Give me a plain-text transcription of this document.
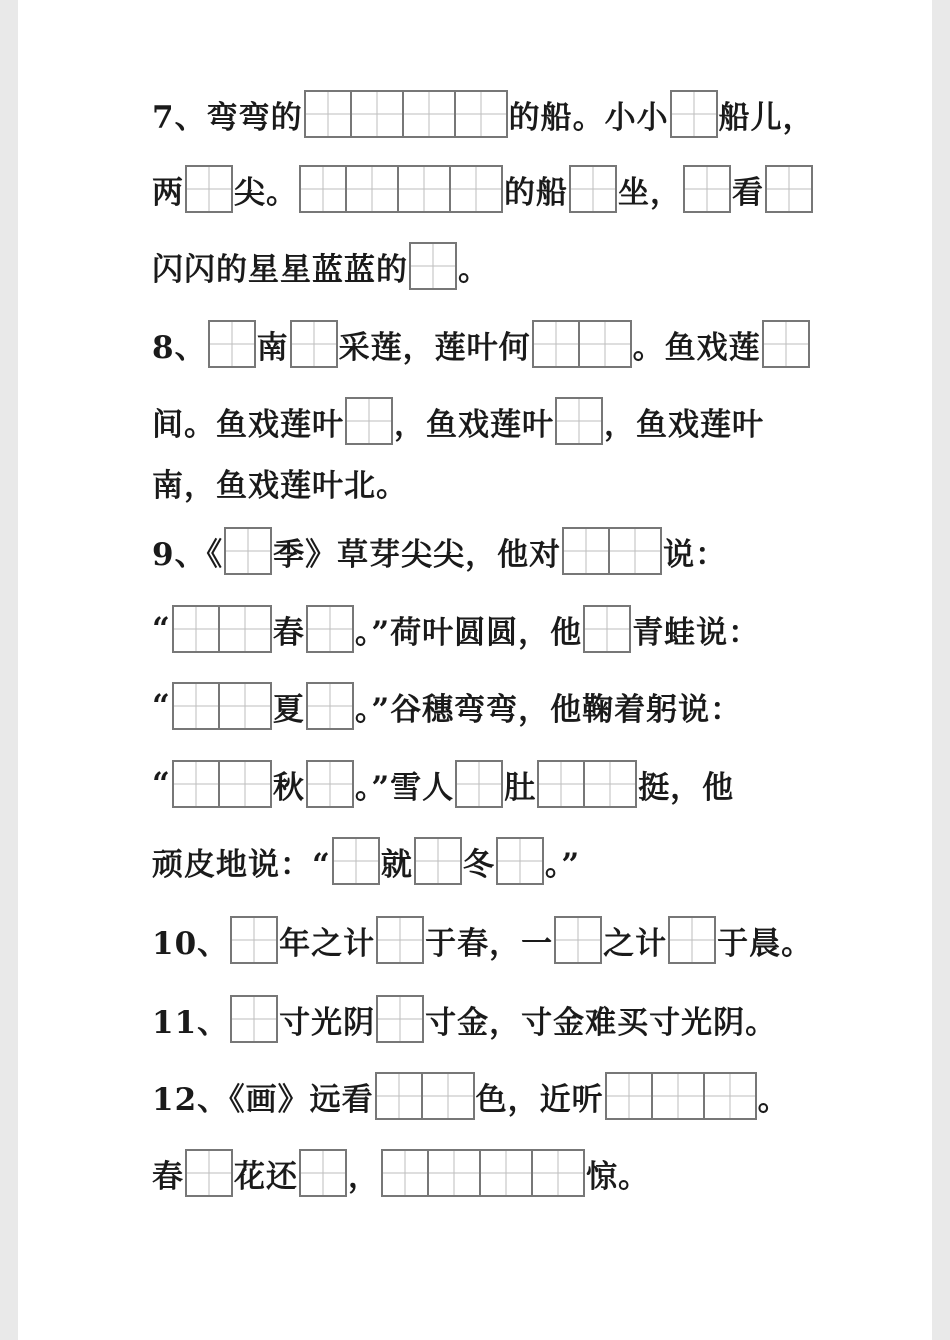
7、弯弯的	的船。小小 船儿，
两 尖。	的船 坐， 看
闪闪的星星蓝蓝的 。
8、 南 采莲，莲叶何	。鱼戏莲
间。鱼戏莲叶 ，鱼戏莲叶 ，鱼戏莲叶
南，鱼戏莲叶北。
9、《 季》草芽尖尖，他对	说：
“	春 。”荷叶圆圆，他 青蛙说：
“	夏 。”谷穗弯弯，他鞠着躬说：
“	秋 。”雪人 肚	挺，他
顽皮地说：“ 就 冬 。”
10、 年之计 于春，一 之计 于晨。
11、 寸光阴 寸金，寸金难买寸光阴。
12、《画》远看	色，近听	。
春 花还 ，	惊。
